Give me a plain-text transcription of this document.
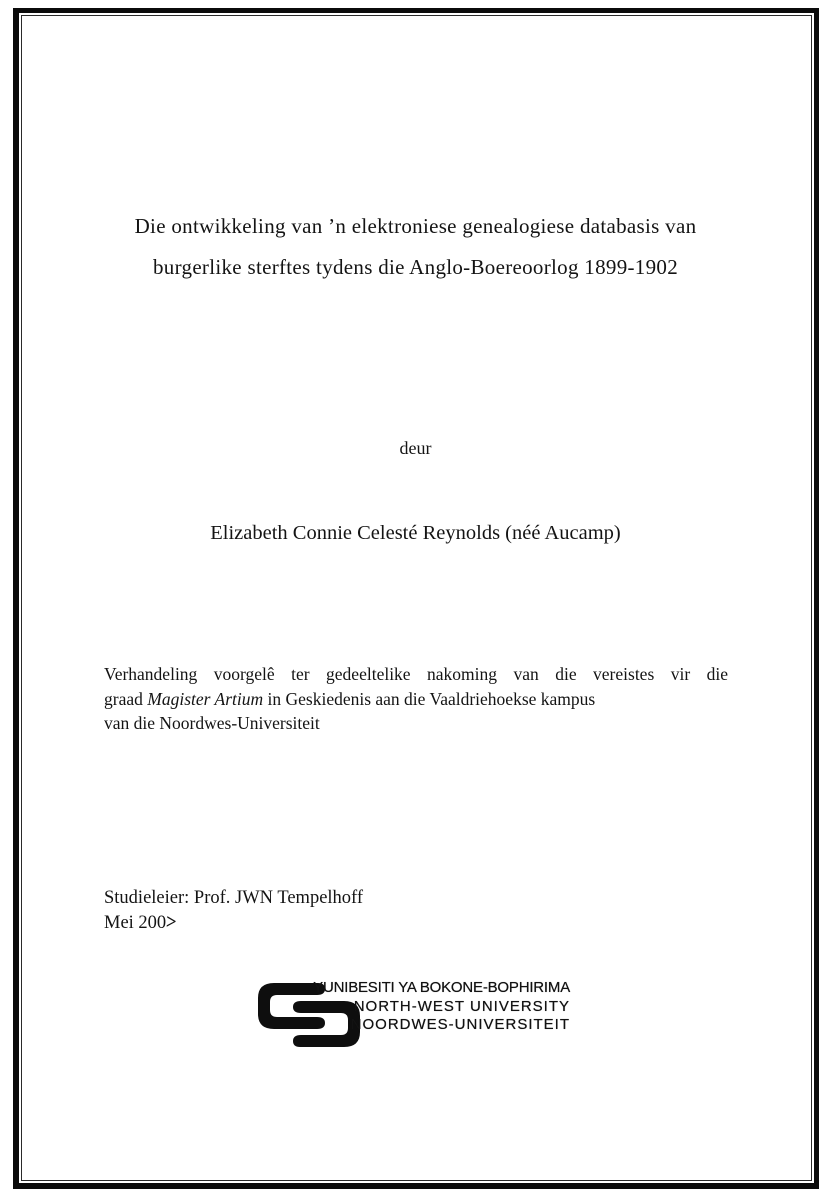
Die ontwikkeling van ’n elektroniese genealogiese databasis van
burgerlike sterftes tydens die Anglo-Boereoorlog 1899-1902
deur
Elizabeth Connie Celesté Reynolds (néé Aucamp)
Verhandeling voorgelê ter gedeeltelike nakoming van die vereistes vir die
graad Magister Artium in Geskiedenis aan die Vaaldriehoekse kampus
van die Noordwes-Universiteit
Studieleier: Prof. JWN Tempelhoff
Mei 200>
YUNIBESITI YA BOKONE-BOPHIRIMA
NORTH-WEST UNIVERSITY
NOORDWES-UNIVERSITEIT
